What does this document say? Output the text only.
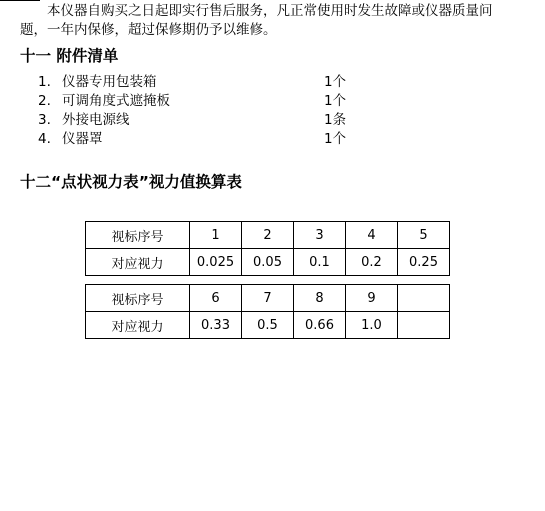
本仪器自购买之日起即实行售后服务，凡正常使用时发生故障或仪器质量问
题，一年内保修，超过保修期仍予以维修。
十一 附件清单
1. 仪器专用包装箱	1个
2. 可调角度式遮掩板	1个
3. 外接电源线	1条
4. 仪器罩	1个
十二“点状视力表”视力值换算表
视标序号	1	2	3	4	5
对应视力	0.025	0.05	0.1	0.2	0.25
视标序号	6	7	8	9	
对应视力	0.33	0.5	0.66	1.0	
